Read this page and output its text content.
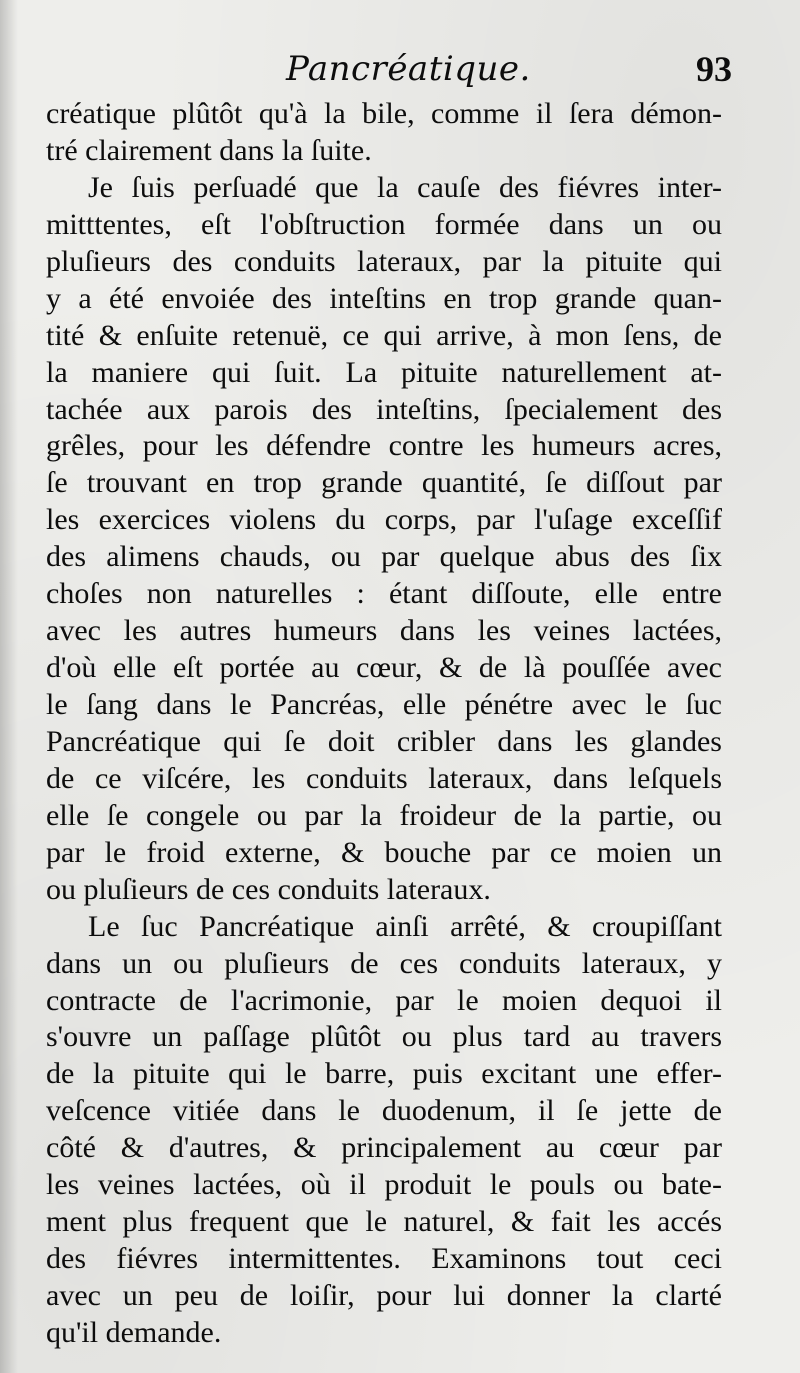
Pancréatique.	93
créatique plûtôt qu'à la bile, comme il ſera démon-
tré clairement dans la ſuite.
Je ſuis perſuadé que la cauſe des fiévres inter-
mitttentes, eſt l'obſtruction formée dans un ou
pluſieurs des conduits lateraux, par la pituite qui
y a été envoiée des inteſtins en trop grande quan-
tité & enſuite retenuë, ce qui arrive, à mon ſens, de
la maniere qui ſuit. La pituite naturellement at-
tachée aux parois des inteſtins, ſpecialement des
grêles, pour les défendre contre les humeurs acres,
ſe trouvant en trop grande quantité, ſe diſſout par
les exercices violens du corps, par l'uſage exceſſif
des alimens chauds, ou par quelque abus des ſix
choſes non naturelles : étant diſſoute, elle entre
avec les autres humeurs dans les veines lactées,
d'où elle eſt portée au cœur, & de là pouſſée avec
le ſang dans le Pancréas, elle pénétre avec le ſuc
Pancréatique qui ſe doit cribler dans les glandes
de ce viſcére, les conduits lateraux, dans leſquels
elle ſe congele ou par la froideur de la partie, ou
par le froid externe, & bouche par ce moien un
ou pluſieurs de ces conduits lateraux.
Le ſuc Pancréatique ainſi arrêté, & croupiſſant
dans un ou pluſieurs de ces conduits lateraux, y
contracte de l'acrimonie, par le moien dequoi il
s'ouvre un paſſage plûtôt ou plus tard au travers
de la pituite qui le barre, puis excitant une effer-
veſcence vitiée dans le duodenum, il ſe jette de
côté & d'autres, & principalement au cœur par
les veines lactées, où il produit le pouls ou bate-
ment plus frequent que le naturel, & fait les accés
des fiévres intermittentes. Examinons tout ceci
avec un peu de loiſir, pour lui donner la clarté
qu'il demande.
